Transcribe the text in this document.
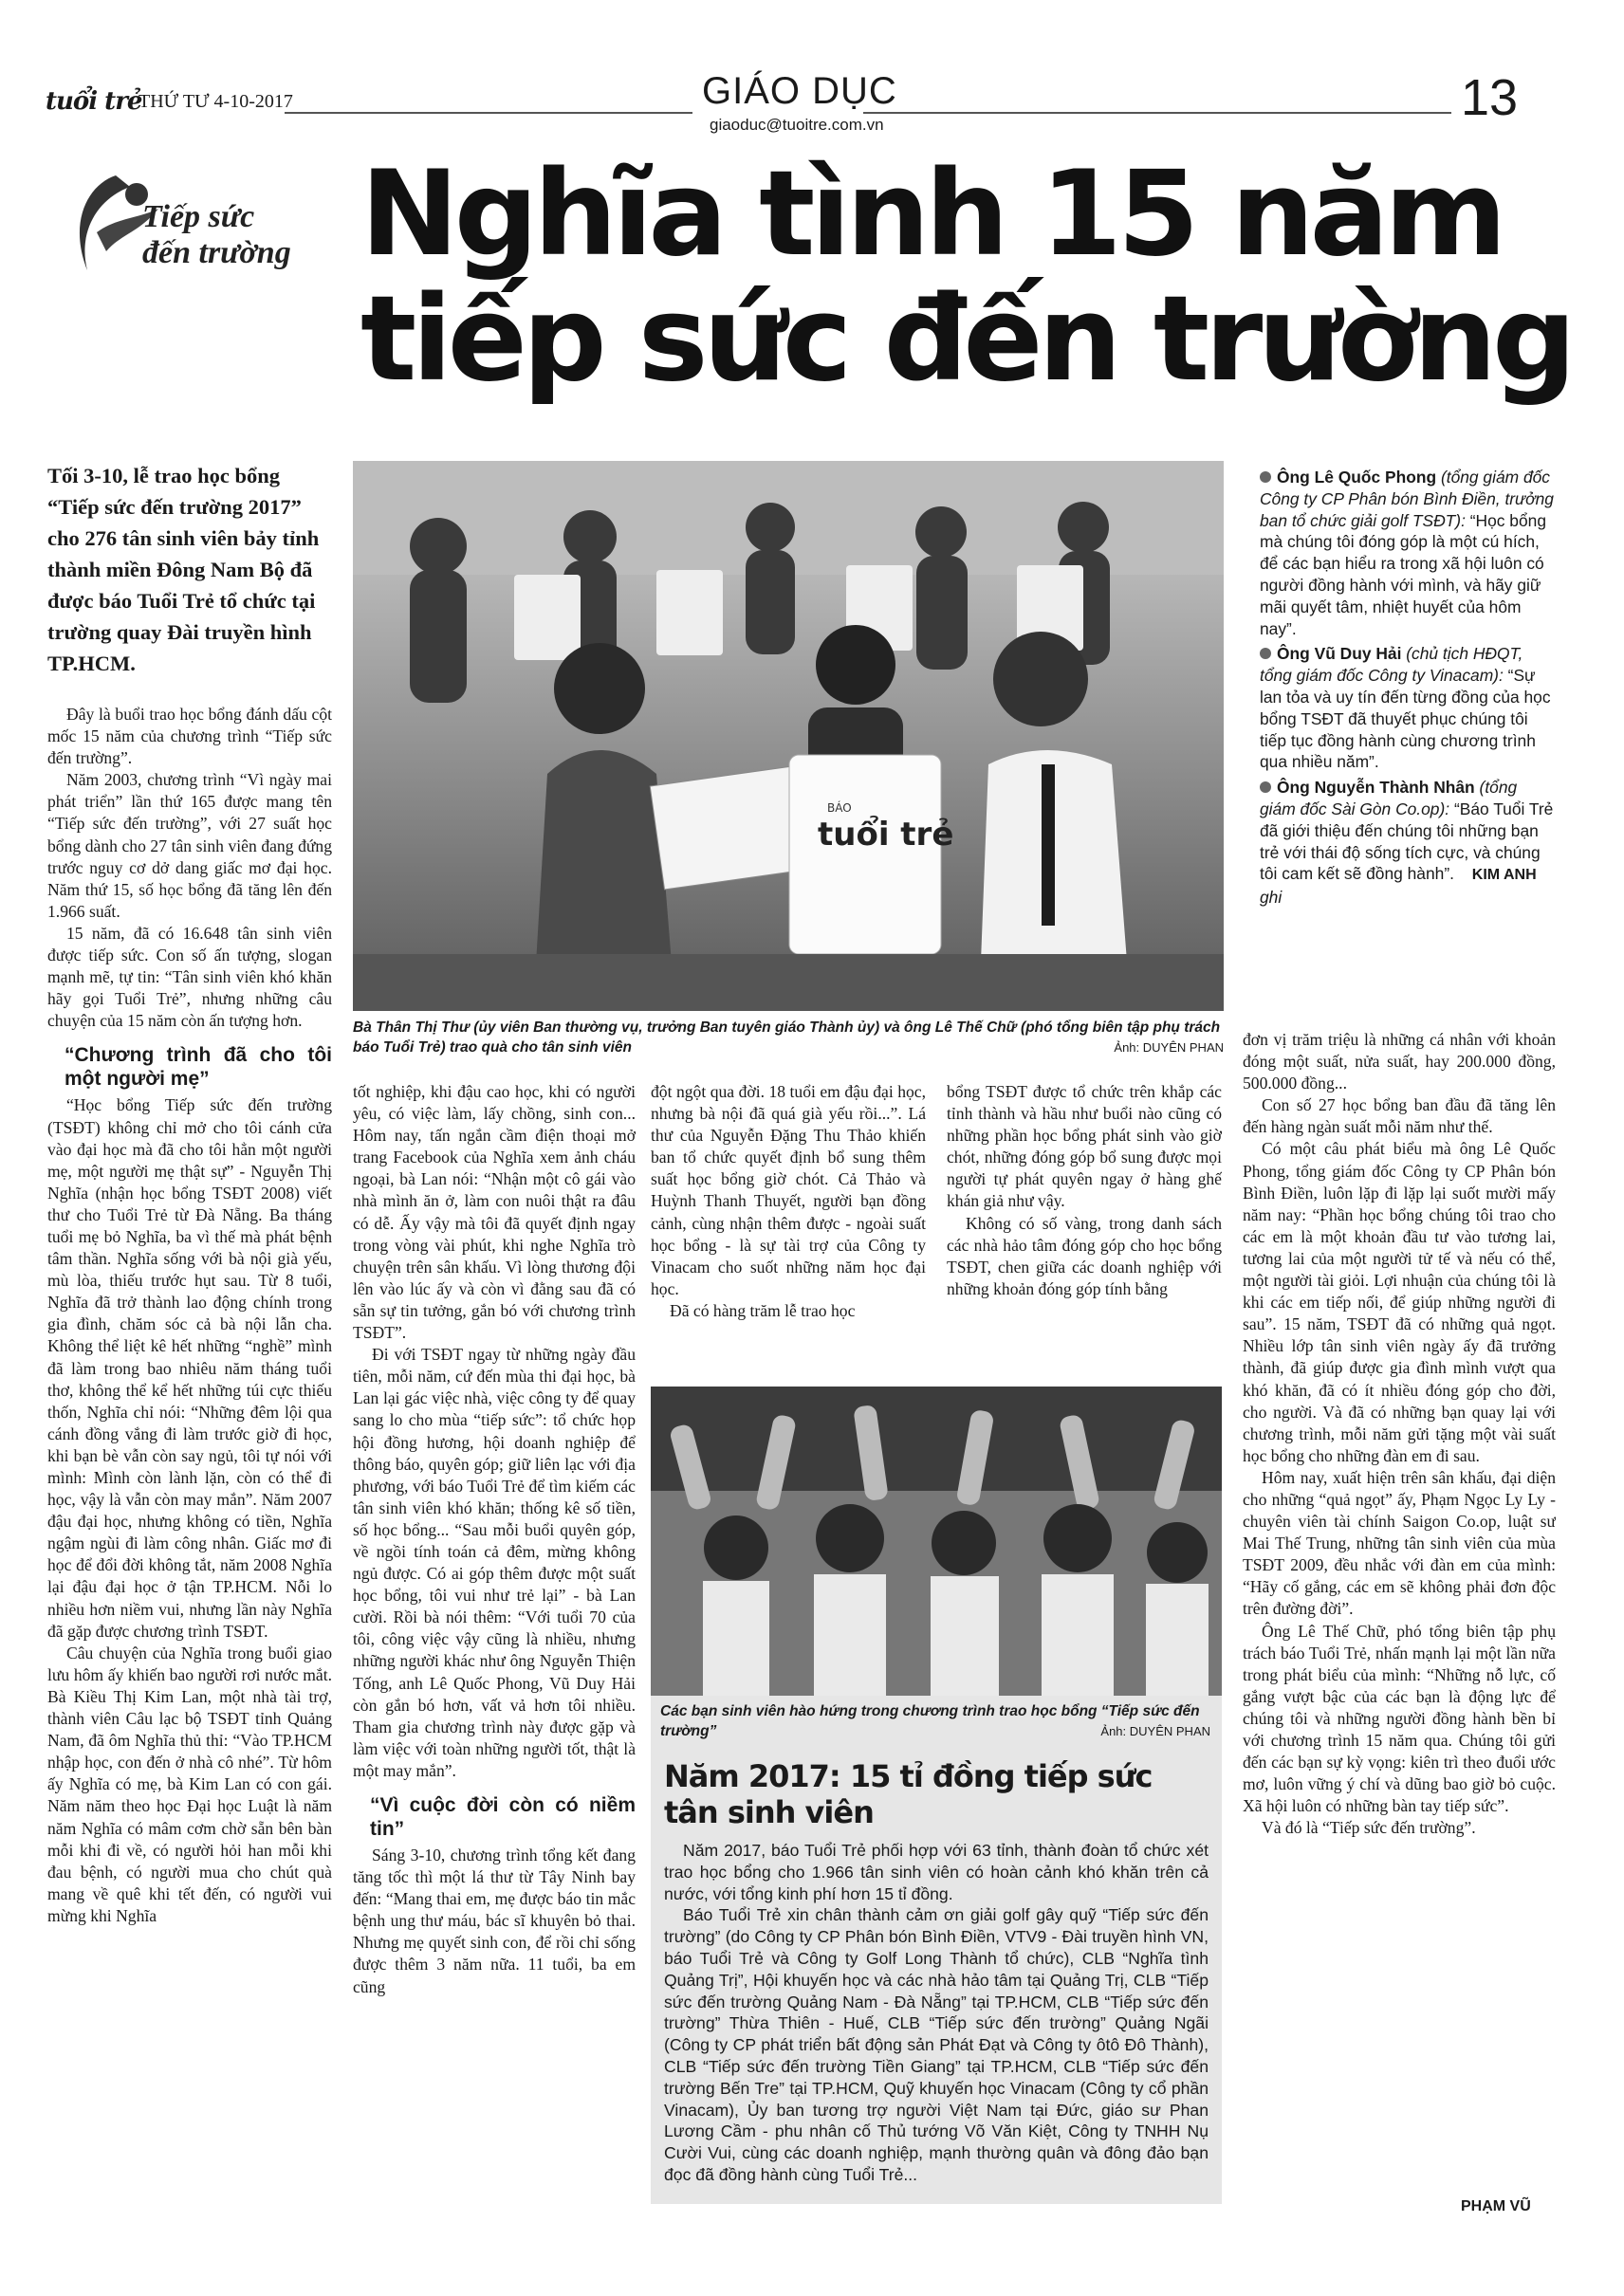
tuổi trẻ
THỨ TƯ 4-10-2017	GIÁO DỤC
giaoduc@tuoitre.com.vn	13
Tiếp sức
đến trường Nghĩa tình 15 năm
tiếp sức đến trường
Tối 3-10, lễ trao học bổng “Tiếp sức đến trường 2017” cho 276 tân sinh viên bảy tỉnh thành miền Đông Nam Bộ đã được báo Tuổi Trẻ tổ chức tại trường quay Đài truyền hình TP.HCM.

Đây là buổi trao học bổng đánh dấu cột mốc 15 năm của chương trình “Tiếp sức đến trường”.

Năm 2003, chương trình “Vì ngày mai phát triển” lần thứ 165 được mang tên “Tiếp sức đến trường”, với 27 suất học bổng dành cho 27 tân sinh viên đang đứng trước nguy cơ dở dang giấc mơ đại học. Năm thứ 15, số học bổng đã tăng lên đến 1.966 suất.

15 năm, đã có 16.648 tân sinh viên được tiếp sức. Con số ấn tượng, slogan mạnh mẽ, tự tin: “Tân sinh viên khó khăn hãy gọi Tuổi Trẻ”, nhưng những câu chuyện của 15 năm còn ấn tượng hơn.

“Chương trình đã cho tôi một người mẹ”

“Học bổng Tiếp sức đến trường (TSĐT) không chỉ mở cho tôi cánh cửa vào đại học mà đã cho tôi hẳn một người mẹ, một người mẹ thật sự” - Nguyễn Thị Nghĩa (nhận học bổng TSĐT 2008) viết thư cho Tuổi Trẻ từ Đà Nẵng. Ba tháng tuổi mẹ bỏ Nghĩa, ba vì thế mà phát bệnh tâm thần. Nghĩa sống với bà nội già yếu, mù lòa, thiếu trước hụt sau. Từ 8 tuổi, Nghĩa đã trở thành lao động chính trong gia đình, chăm sóc cả bà nội lẫn cha. Không thể liệt kê hết những “nghề” mình đã làm trong bao nhiêu năm tháng tuổi thơ, không thể kể hết những túi cực thiếu thốn, Nghĩa chỉ nói: “Những đêm lội qua cánh đồng vắng đi làm trước giờ đi học, khi bạn bè vẫn còn say ngủ, tôi tự nói với mình: Mình còn lành lặn, còn có thể đi học, vậy là vẫn còn may mắn”. Năm 2007 đậu đại học, nhưng không có tiền, Nghĩa ngậm ngùi đi làm công nhân. Giấc mơ đi học để đổi đời không tắt, năm 2008 Nghĩa lại đậu đại học ở tận TP.HCM. Nỗi lo nhiều hơn niềm vui, nhưng lần này Nghĩa đã gặp được chương trình TSĐT.

Câu chuyện của Nghĩa trong buổi giao lưu hôm ấy khiến bao người rơi nước mắt. Bà Kiều Thị Kim Lan, một nhà tài trợ, thành viên Câu lạc bộ TSĐT tỉnh Quảng Nam, đã ôm Nghĩa thủ thỉ: “Vào TP.HCM nhập học, con đến ở nhà cô nhé”. Từ hôm ấy Nghĩa có mẹ, bà Kim Lan có con gái. Năm năm theo học Đại học Luật là năm năm Nghĩa có mâm cơm chờ sẵn bên bàn mỗi khi đi về, có người hỏi han mỗi khi đau bệnh, có người mua cho chút quà mang về quê khi tết đến, có người vui mừng khi Nghĩa

tuổi trẻ
BÁO
Bà Thân Thị Thư (ủy viên Ban thường vụ, trưởng Ban tuyên giáo Thành ủy) và ông Lê Thế Chữ (phó tổng biên tập phụ trách báo Tuổi Trẻ) trao quà cho tân sinh viên	Ảnh: DUYÊN PHAN

tốt nghiệp, khi đậu cao học, khi có người yêu, có việc làm, lấy chồng, sinh con... Hôm nay, tấn ngắn cầm điện thoại mở trang Facebook của Nghĩa xem ảnh cháu ngoại, bà Lan nói: “Nhận một cô gái vào nhà mình ăn ở, làm con nuôi thật ra đâu có dễ. Ấy vậy mà tôi đã quyết định ngay trong vòng vài phút, khi nghe Nghĩa trò chuyện trên sân khấu. Vì lòng thương đội lên vào lúc ấy và còn vì đằng sau đã có sẵn sự tin tưởng, gắn bó với chương trình TSĐT”.

Đi với TSĐT ngay từ những ngày đầu tiên, mỗi năm, cứ đến mùa thi đại học, bà Lan lại gác việc nhà, việc công ty để quay sang lo cho mùa “tiếp sức”: tổ chức họp hội đồng hương, hội doanh nghiệp để thông báo, quyên góp; giữ liên lạc với địa phương, với báo Tuổi Trẻ để tìm kiếm các tân sinh viên khó khăn; thống kê số tiền, số học bổng... “Sau mỗi buổi quyên góp, về ngồi tính toán cả đêm, mừng không ngủ được. Có ai góp thêm được một suất học bổng, tôi vui như trẻ lại” - bà Lan cười. Rồi bà nói thêm: “Với tuổi 70 của tôi, công việc vậy cũng là nhiều, nhưng những người khác như ông Nguyễn Thiện Tống, anh Lê Quốc Phong, Vũ Duy Hải còn gắn bó hơn, vất vả hơn tôi nhiều. Tham gia chương trình này được gặp và làm việc với toàn những người tốt, thật là một may mắn”.

“Vì cuộc đời còn có niềm tin”

Sáng 3-10, chương trình tổng kết đang tăng tốc thì một lá thư từ Tây Ninh bay đến: “Mang thai em, mẹ được báo tin mắc bệnh ung thư máu, bác sĩ khuyên bỏ thai. Nhưng mẹ quyết sinh con, để rồi chỉ sống được thêm 3 năm nữa. 11 tuổi, ba em cũng

đột ngột qua đời. 18 tuổi em đậu đại học, nhưng bà nội đã quá già yếu rồi...”. Lá thư của Nguyễn Đặng Thu Thảo khiến ban tổ chức quyết định bổ sung thêm suất học bổng giờ chót. Cả Thảo và Huỳnh Thanh Thuyết, người bạn đồng cảnh, cùng nhận thêm được - ngoài suất học bổng - là sự tài trợ của Công ty Vinacam cho suốt những năm học đại học.

Đã có hàng trăm lễ trao học

bổng TSĐT được tổ chức trên khắp các tỉnh thành và hầu như buổi nào cũng có những phần học bổng phát sinh vào giờ chót, những đóng góp bổ sung được mọi người tự phát quyên ngay ở hàng ghế khán giả như vậy.

Không có số vàng, trong danh sách các nhà hảo tâm đóng góp cho học bổng TSĐT, chen giữa các doanh nghiệp với những khoản đóng góp tính bằng

Các bạn sinh viên hào hứng trong chương trình trao học bổng “Tiếp sức đến trường”	Ảnh: DUYÊN PHAN
Năm 2017: 15 tỉ đồng tiếp sức tân sinh viên

Năm 2017, báo Tuổi Trẻ phối hợp với 63 tỉnh, thành đoàn tổ chức xét trao học bổng cho 1.966 tân sinh viên có hoàn cảnh khó khăn trên cả nước, với tổng kinh phí hơn 15 tỉ đồng.

Báo Tuổi Trẻ xin chân thành cảm ơn giải golf gây quỹ “Tiếp sức đến trường” (do Công ty CP Phân bón Bình Điền, VTV9 - Đài truyền hình VN, báo Tuổi Trẻ và Công ty Golf Long Thành tổ chức), CLB “Nghĩa tình Quảng Trị”, Hội khuyến học và các nhà hảo tâm tại Quảng Trị, CLB “Tiếp sức đến trường Quảng Nam - Đà Nẵng” tại TP.HCM, CLB “Tiếp sức đến trường” Thừa Thiên - Huế, CLB “Tiếp sức đến trường” Quảng Ngãi (Công ty CP phát triển bất động sản Phát Đạt và Công ty ôtô Đô Thành), CLB “Tiếp sức đến trường Tiền Giang” tại TP.HCM, CLB “Tiếp sức đến trường Bến Tre” tại TP.HCM, Quỹ khuyến học Vinacam (Công ty cổ phần Vinacam), Ủy ban tương trợ người Việt Nam tại Đức, giáo sư Phan Lương Cầm - phu nhân cố Thủ tướng Võ Văn Kiệt, Công ty TNHH Nụ Cười Vui, cùng các doanh nghiệp, mạnh thường quân và đông đảo bạn đọc đã đồng hành cùng Tuổi Trẻ...

Ông Lê Quốc Phong (tổng giám đốc Công ty CP Phân bón Bình Điền, trưởng ban tổ chức giải golf TSĐT): “Học bổng mà chúng tôi đóng góp là một cú hích, để các bạn hiểu ra trong xã hội luôn có người đồng hành với mình, và hãy giữ mãi quyết tâm, nhiệt huyết của hôm nay”.
Ông Vũ Duy Hải (chủ tịch HĐQT, tổng giám đốc Công ty Vinacam): “Sự lan tỏa và uy tín đến từng đồng của học bổng TSĐT đã thuyết phục chúng tôi tiếp tục đồng hành cùng chương trình qua nhiều năm”.
Ông Nguyễn Thành Nhân (tổng giám đốc Sài Gòn Co.op): “Báo Tuổi Trẻ đã giới thiệu đến chúng tôi những bạn trẻ với thái độ sống tích cực, và chúng tôi cam kết sẽ đồng hành”. KIM ANH ghi

đơn vị trăm triệu là những cá nhân với khoản đóng một suất, nửa suất, hay 200.000 đồng, 500.000 đồng...

Con số 27 học bổng ban đầu đã tăng lên đến hàng ngàn suất mỗi năm như thế.

Có một câu phát biểu mà ông Lê Quốc Phong, tổng giám đốc Công ty CP Phân bón Bình Điền, luôn lặp đi lặp lại suốt mười mấy năm nay: “Phần học bổng chúng tôi trao cho các em là một khoản đầu tư vào tương lai, tương lai của một người tử tế và nếu có thể, một người tài giỏi. Lợi nhuận của chúng tôi là khi các em tiếp nối, để giúp những người đi sau”. 15 năm, TSĐT đã có những quả ngọt. Nhiều lớp tân sinh viên ngày ấy đã trưởng thành, đã giúp được gia đình mình vượt qua khó khăn, đã có ít nhiều đóng góp cho đời, cho người. Và đã có những bạn quay lại với chương trình, mỗi năm gửi tặng một vài suất học bổng cho những đàn em đi sau.

Hôm nay, xuất hiện trên sân khấu, đại diện cho những “quả ngọt” ấy, Phạm Ngọc Ly Ly - chuyên viên tài chính Saigon Co.op, luật sư Mai Thế Trung, những tân sinh viên của mùa TSĐT 2009, đều nhắc với đàn em của mình: “Hãy cố gắng, các em sẽ không phải đơn độc trên đường đời”.

Ông Lê Thế Chữ, phó tổng biên tập phụ trách báo Tuổi Trẻ, nhấn mạnh lại một lần nữa trong phát biểu của mình: “Những nỗ lực, cố gắng vượt bậc của các bạn là động lực để chúng tôi và những người đồng hành bền bỉ với chương trình 15 năm qua. Chúng tôi gửi đến các bạn sự kỳ vọng: kiên trì theo đuổi ước mơ, luôn vững ý chí và dũng bao giờ bỏ cuộc. Xã hội luôn có những bàn tay tiếp sức”.

Và đó là “Tiếp sức đến trường”.

PHẠM VŨ
